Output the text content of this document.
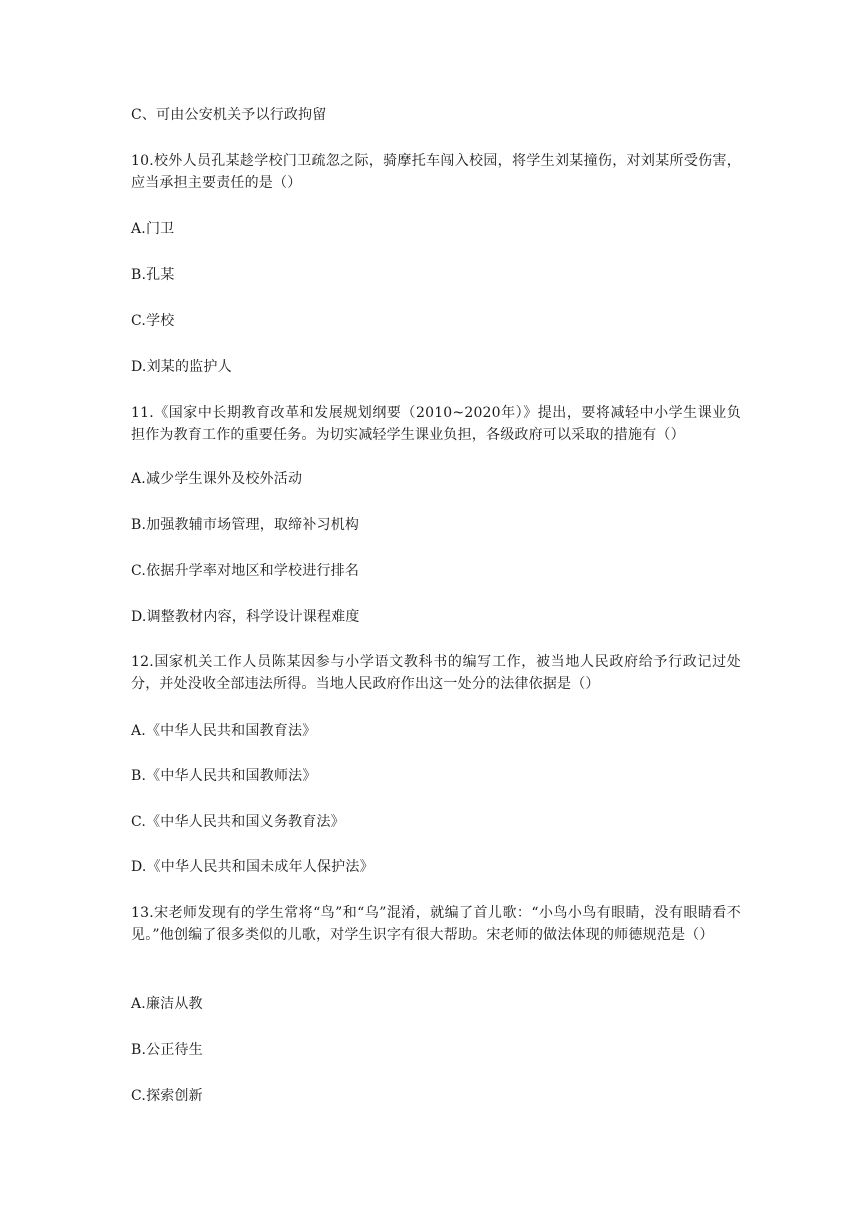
C、可由公安机关予以行政拘留
10.校外人员孔某趁学校门卫疏忽之际，骑摩托车闯入校园，将学生刘某撞伤，对刘某所受伤害，应当承担主要责任的是（）
A.门卫
B.孔某
C.学校
D.刘某的监护人
11.《国家中长期教育改革和发展规划纲要（2010~2020年）》提出，要将减轻中小学生课业负担作为教育工作的重要任务。为切实减轻学生课业负担，各级政府可以采取的措施有（）
A.减少学生课外及校外活动
B.加强教辅市场管理，取缔补习机构
C.依据升学率对地区和学校进行排名
D.调整教材内容，科学设计课程难度
12.国家机关工作人员陈某因参与小学语文教科书的编写工作，被当地人民政府给予行政记过处分，并处没收全部违法所得。当地人民政府作出这一处分的法律依据是（）
A.《中华人民共和国教育法》
B.《中华人民共和国教师法》
C.《中华人民共和国义务教育法》
D.《中华人民共和国未成年人保护法》
13.宋老师发现有的学生常将“鸟”和“乌”混淆，就编了首儿歌：“小鸟小鸟有眼睛，没有眼睛看不见。”他创编了很多类似的儿歌，对学生识字有很大帮助。宋老师的做法体现的师德规范是（）
A.廉洁从教
B.公正待生
C.探索创新
